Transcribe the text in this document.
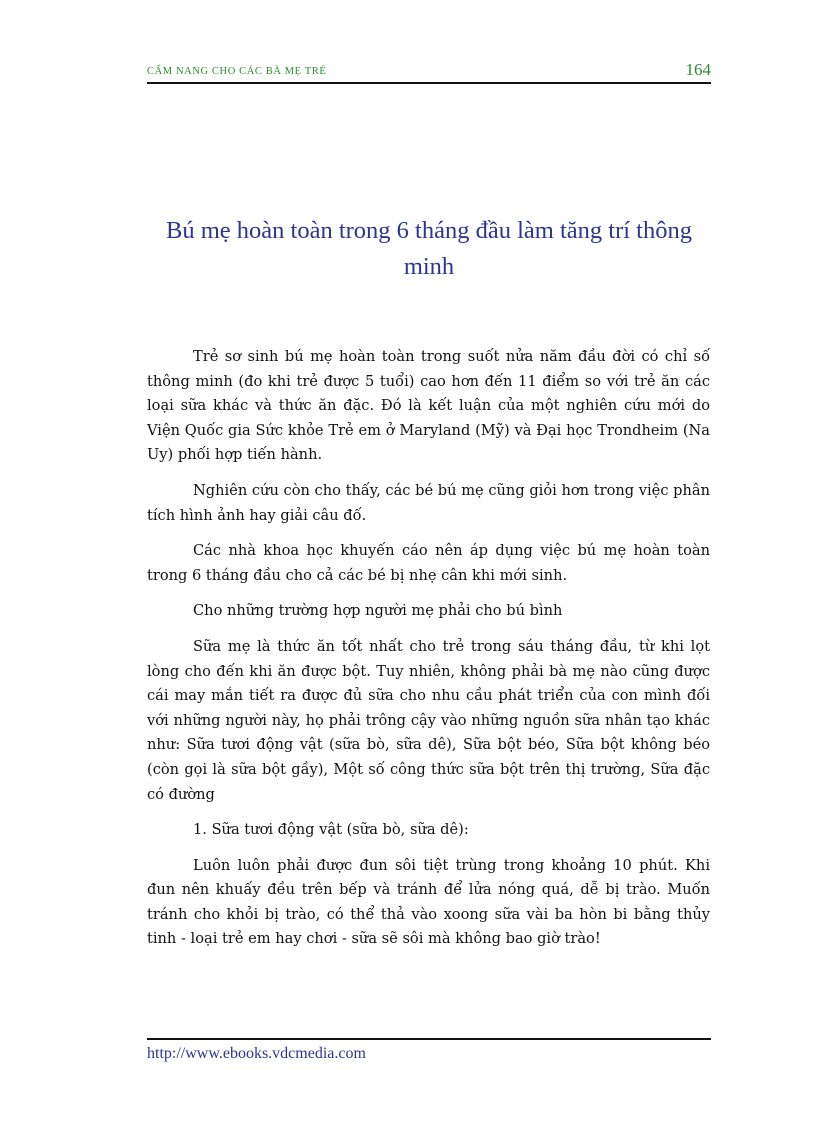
CẨM NANG CHO CÁC BÀ MẸ TRẺ	164
Bú mẹ hoàn toàn trong 6 tháng đầu làm tăng trí thông
minh

Trẻ sơ sinh bú mẹ hoàn toàn trong suốt nửa năm đầu đời có chỉ số thông minh (đo khi trẻ được 5 tuổi) cao hơn đến 11 điểm so với trẻ ăn các loại sữa khác và thức ăn đặc. Đó là kết luận của một nghiên cứu mới do Viện Quốc gia Sức khỏe Trẻ em ở Maryland (Mỹ) và Đại học Trondheim (Na Uy) phối hợp tiến hành.

Nghiên cứu còn cho thấy, các bé bú mẹ cũng giỏi hơn trong việc phân tích hình ảnh hay giải câu đố.

Các nhà khoa học khuyến cáo nên áp dụng việc bú mẹ hoàn toàn trong 6 tháng đầu cho cả các bé bị nhẹ cân khi mới sinh.

Cho những trường hợp người mẹ phải cho bú bình

Sữa mẹ là thức ăn tốt nhất cho trẻ trong sáu tháng đầu, từ khi lọt lòng cho đến khi ăn được bột. Tuy nhiên, không phải bà mẹ nào cũng được cái may mắn tiết ra được đủ sữa cho nhu cầu phát triển của con mình đối với những người này, họ phải trông cậy vào những nguồn sữa nhân tạo khác như: Sữa tươi động vật (sữa bò, sữa dê), Sữa bột béo, Sữa bột không béo (còn gọi là sữa bột gầy), Một số công thức sữa bột trên thị trường, Sữa đặc có đường

1. Sữa tươi động vật (sữa bò, sữa dê):

Luôn luôn phải được đun sôi tiệt trùng trong khoảng 10 phút. Khi đun nên khuấy đều trên bếp và tránh để lửa nóng quá, dễ bị trào. Muốn tránh cho khỏi bị trào, có thể thả vào xoong sữa vài ba hòn bi bằng thủy tinh - loại trẻ em hay chơi - sữa sẽ sôi mà không bao giờ trào!

http://www.ebooks.vdcmedia.com
